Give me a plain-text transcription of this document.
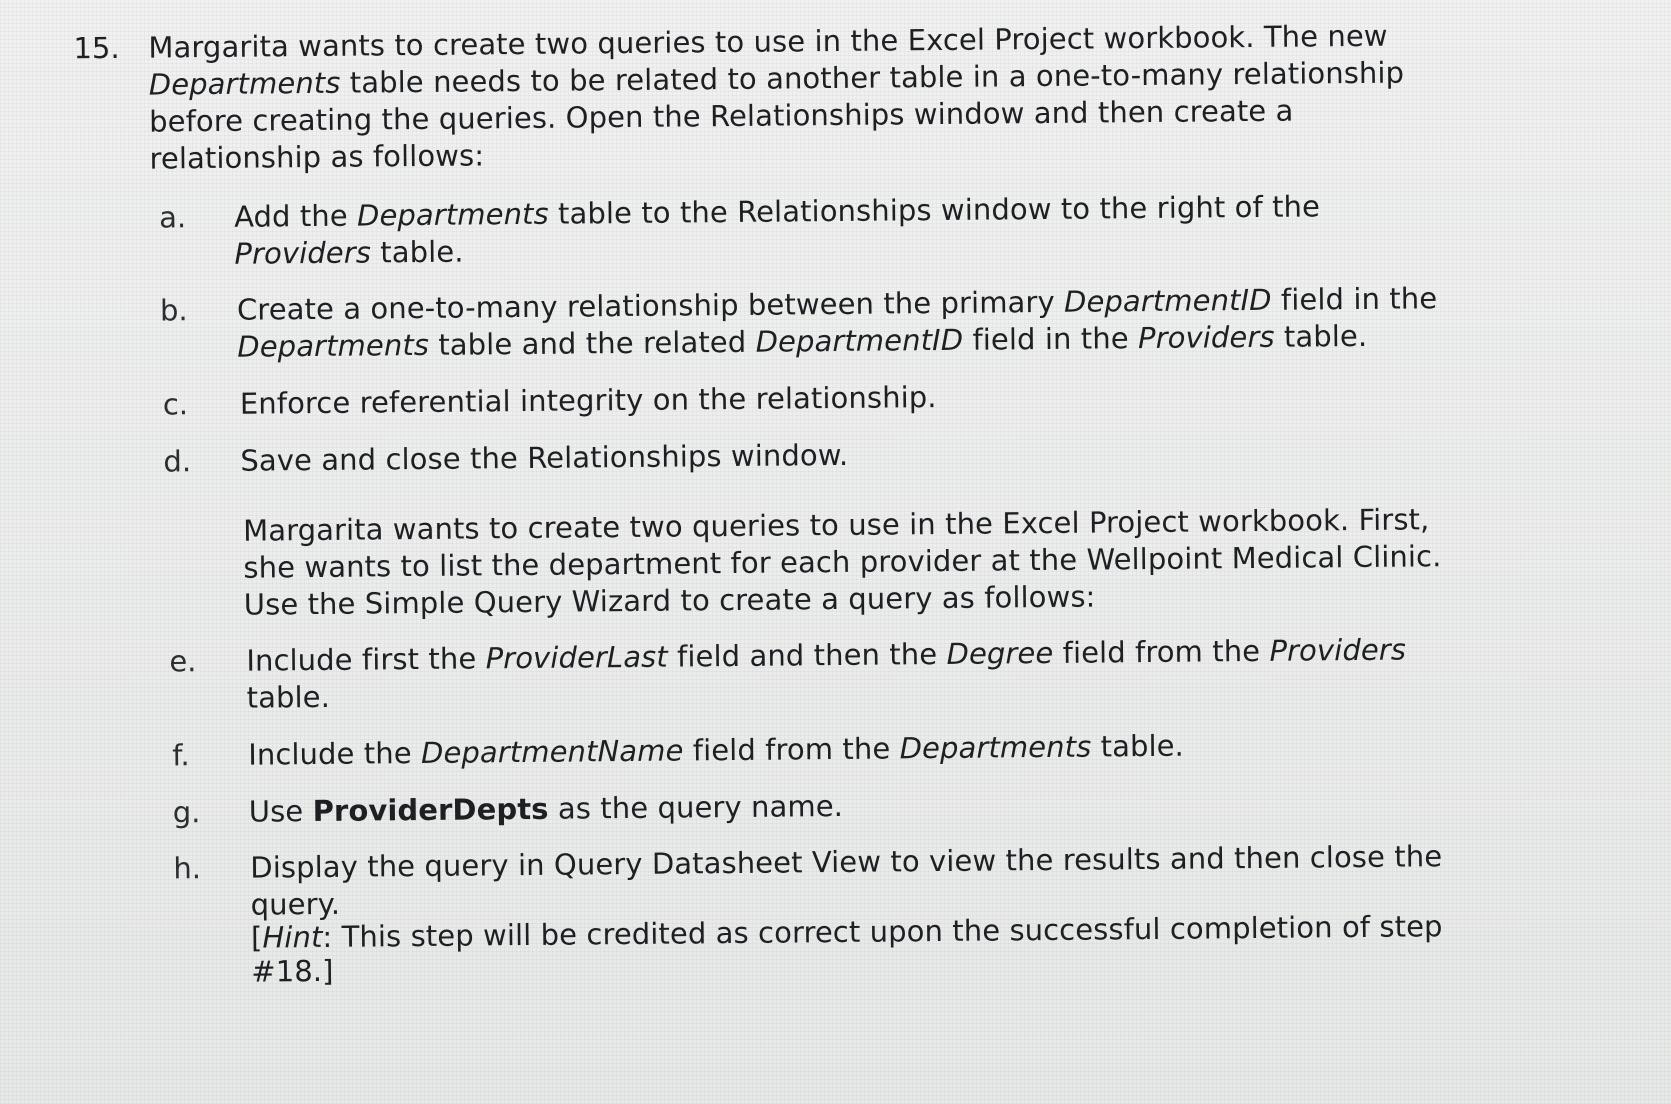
15. Margarita wants to create two queries to use in the Excel Project workbook. The new
Departments table needs to be related to another table in a one-to-many relationship
before creating the queries. Open the Relationships window and then create a
relationship as follows:
a. Add the Departments table to the Relationships window to the right of the
Providers table.
b. Create a one-to-many relationship between the primary DepartmentID field in the
Departments table and the related DepartmentID field in the Providers table.
c. Enforce referential integrity on the relationship.
d. Save and close the Relationships window.
Margarita wants to create two queries to use in the Excel Project workbook. First,
she wants to list the department for each provider at the Wellpoint Medical Clinic.
Use the Simple Query Wizard to create a query as follows:
e. Include first the ProviderLast field and then the Degree field from the Providers
table.
f. Include the DepartmentName field from the Departments table.
g. Use ProviderDepts as the query name.
h. Display the query in Query Datasheet View to view the results and then close the
query.
[Hint: This step will be credited as correct upon the successful completion of step
#18.]
